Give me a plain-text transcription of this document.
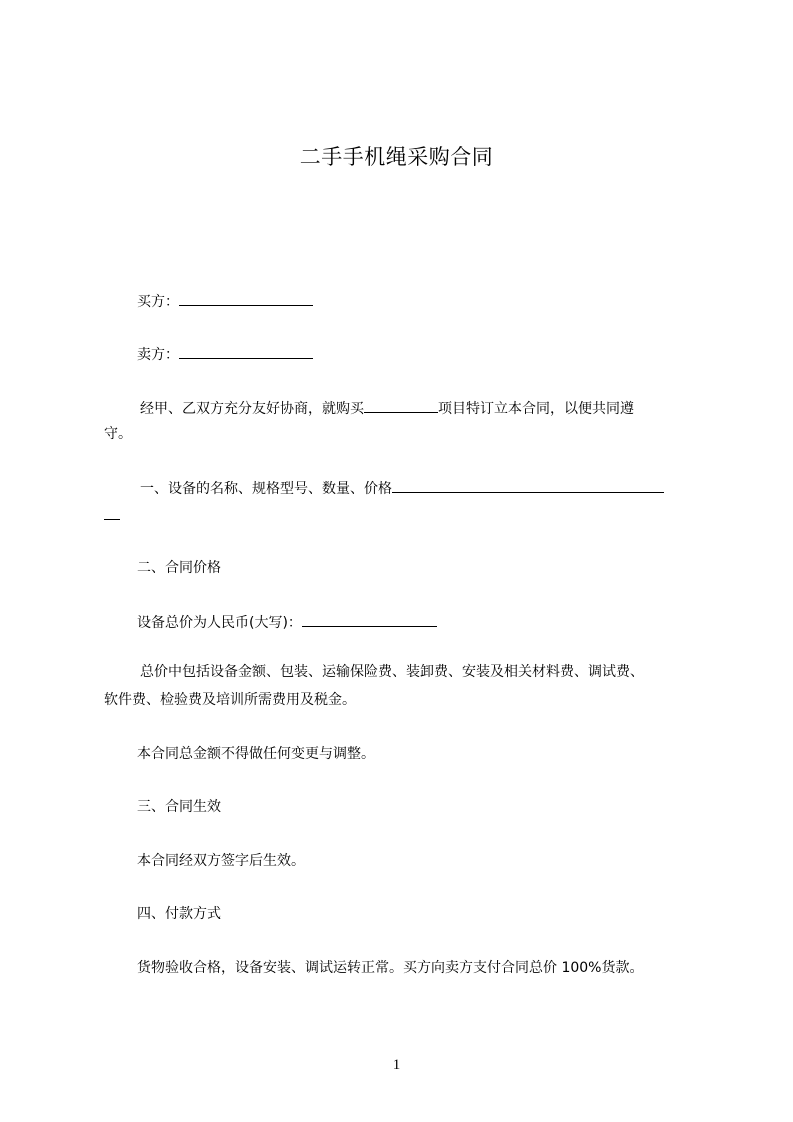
二手手机绳采购合同
买方：
卖方：
经甲、乙双方充分友好协商，就购买	项目特订立本合同，以便共同遵
守。
一、设备的名称、规格型号、数量、价格
二、合同价格
设备总价为人民币(大写)：
总价中包括设备金额、包装、运输保险费、装卸费、安装及相关材料费、调试费、
软件费、检验费及培训所需费用及税金。
本合同总金额不得做任何变更与调整。
三、合同生效
本合同经双方签字后生效。
四、付款方式
货物验收合格，设备安装、调试运转正常。买方向卖方支付合同总价 100%货款。
1
